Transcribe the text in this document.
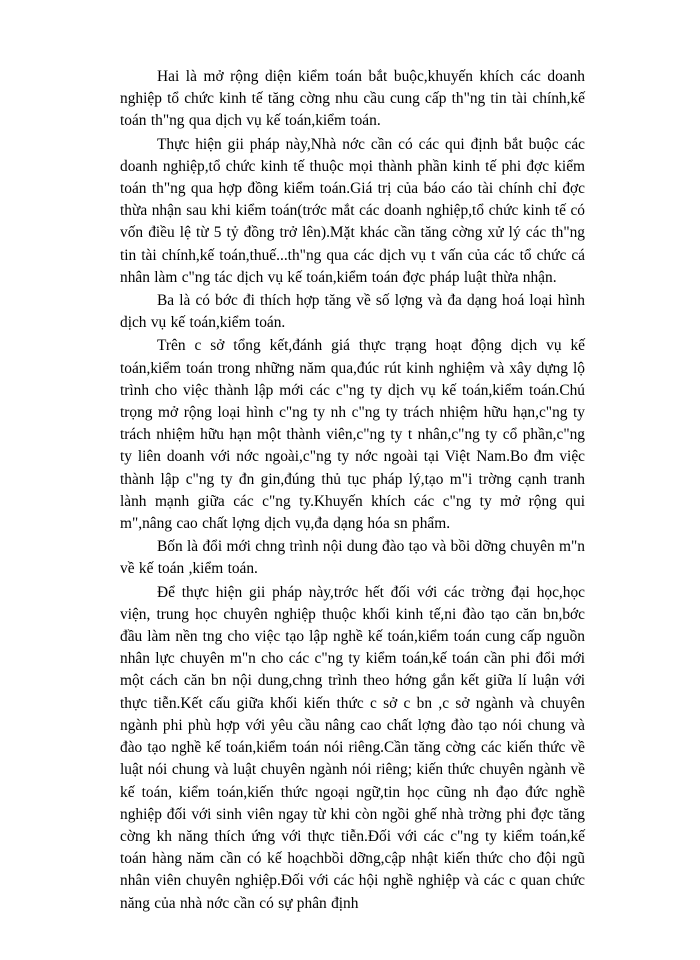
Hai là mở rộng diện kiểm toán bắt buộc,khuyến khích các doanh nghiệp tổ chức kinh tế tăng cờng nhu cầu cung cấp th"ng tin tài chính,kế toán th"ng qua dịch vụ kế toán,kiểm toán.

Thực hiện gii pháp này,Nhà nớc cần có các qui định bắt buộc các doanh nghiệp,tổ chức kinh tế thuộc mọi thành phần kinh tế phi đợc kiểm toán th"ng qua hợp đồng kiểm toán.Giá trị của báo cáo tài chính chỉ đợc thừa nhận sau khi kiểm toán(trớc mắt các doanh nghiệp,tổ chức kinh tế có vốn điều lệ từ 5 tỷ đồng trở lên).Mặt khác cần tăng cờng xử lý các th"ng tin tài chính,kế toán,thuế...th"ng qua các dịch vụ t vấn của các tổ chức cá nhân làm c"ng tác dịch vụ kế toán,kiểm toán đợc pháp luật thừa nhận.

Ba là có bớc đi thích hợp tăng về số lợng và đa dạng hoá loại hình dịch vụ kế toán,kiểm toán.

Trên c sở tổng kết,đánh giá thực trạng hoạt động dịch vụ kế toán,kiểm toán trong những năm qua,đúc rút kinh nghiệm và xây dựng lộ trình cho việc thành lập mới các c"ng ty dịch vụ kế toán,kiểm toán.Chú trọng mở rộng loại hình c"ng ty nh c"ng ty trách nhiệm hữu hạn,c"ng ty trách nhiệm hữu hạn một thành viên,c"ng ty t nhân,c"ng ty cổ phần,c"ng ty liên doanh với nớc ngoài,c"ng ty nớc ngoài tại Việt Nam.Bo đm việc thành lập c"ng ty đn gin,đúng thủ tục pháp lý,tạo m"i trờng cạnh tranh lành mạnh giữa các c"ng ty.Khuyến khích các c"ng ty mở rộng qui m",nâng cao chất lợng dịch vụ,đa dạng hóa sn phẩm.

Bốn là đổi mới chng trình nội dung đào tạo và bồi dỡng chuyên m"n về kế toán ,kiểm toán.

Để thực hiện gii pháp này,trớc hết đối với các trờng đại học,học viện, trung học chuyên nghiệp thuộc khối kinh tế,ni đào tạo căn bn,bớc đầu làm nền tng cho việc tạo lập nghề kế toán,kiểm toán cung cấp nguồn nhân lực chuyên m"n cho các c"ng ty kiểm toán,kế toán cần phi đổi mới một cách căn bn nội dung,chng trình theo hớng gắn kết giữa lí luận với thực tiễn.Kết cấu giữa khối kiến thức c sở c bn ,c sở ngành và chuyên ngành phi phù hợp với yêu cầu nâng cao chất lợng đào tạo nói chung và đào tạo nghề kế toán,kiểm toán nói riêng.Cần tăng cờng các kiến thức về luật nói chung và luật chuyên ngành nói riêng; kiến thức chuyên ngành về kế toán, kiểm toán,kiến thức ngoại ngữ,tin học cũng nh đạo đức nghề nghiệp đối với sinh viên ngay từ khi còn ngồi ghế nhà trờng phi đợc tăng cờng kh năng thích ứng với thực tiễn.Đối với các c"ng ty kiểm toán,kế toán hàng năm cần có kế hoạchbồi dỡng,cập nhật kiến thức cho đội ngũ nhân viên chuyên nghiệp.Đối với các hội nghề nghiệp và các c quan chức năng của nhà nớc cần có sự phân định
